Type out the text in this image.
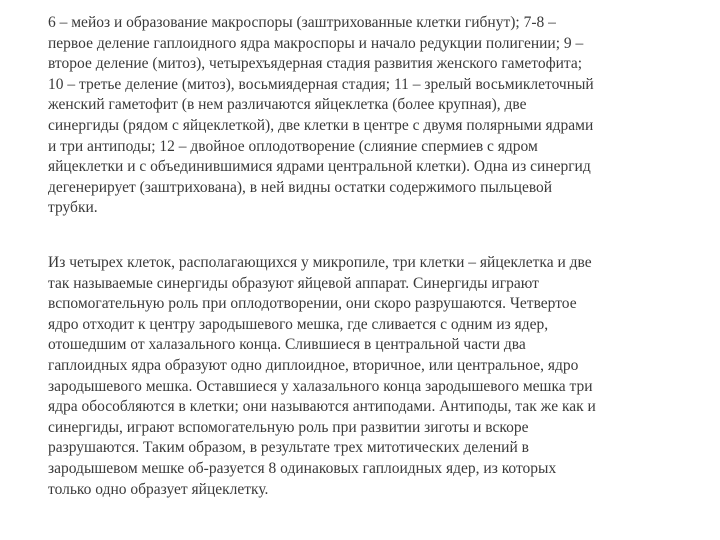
6 – мейоз и образование макроспоры (заштрихованные клетки гибнут); 7-8 –
первое деление гаплоидного ядра макроспоры и начало редукции полигении; 9 –
второе деление (митоз), четырехъядерная стадия развития женского гаметофита;
10 – третье деление (митоз), восьмиядерная стадия; 11 – зрелый восьмиклеточный
женский гаметофит (в нем различаются яйцеклетка (более крупная), две
синергиды (рядом с яйцеклеткой), две клетки в центре с двумя полярными ядрами
и три антиподы; 12 – двойное оплодотворение (слияние спермиев с ядром
яйцеклетки и с объединившимися ядрами центральной клетки). Одна из синергид
дегенерирует (заштрихована), в ней видны остатки содержимого пыльцевой
трубки.

Из четырех клеток, располагающихся у микропиле, три клетки – яйцеклетка и две
так называемые синергиды образуют яйцевой аппарат. Синергиды играют
вспомогательную роль при оплодотворении, они скоро разрушаются. Четвертое
ядро отходит к центру зародышевого мешка, где сливается с одним из ядер,
отошедшим от халазального конца. Слившиеся в центральной части два
гаплоидных ядра образуют одно диплоидное, вторичное, или центральное, ядро
зародышевого мешка. Оставшиеся у халазального конца зародышевого мешка три
ядра обособляются в клетки; они называются антиподами. Антиподы, так же как и
синергиды, играют вспомогательную роль при развитии зиготы и вскоре
разрушаются. Таким образом, в результате трех митотических делений в
зародышевом мешке об-разуется 8 одинаковых гаплоидных ядер, из которых
только одно образует яйцеклетку.
